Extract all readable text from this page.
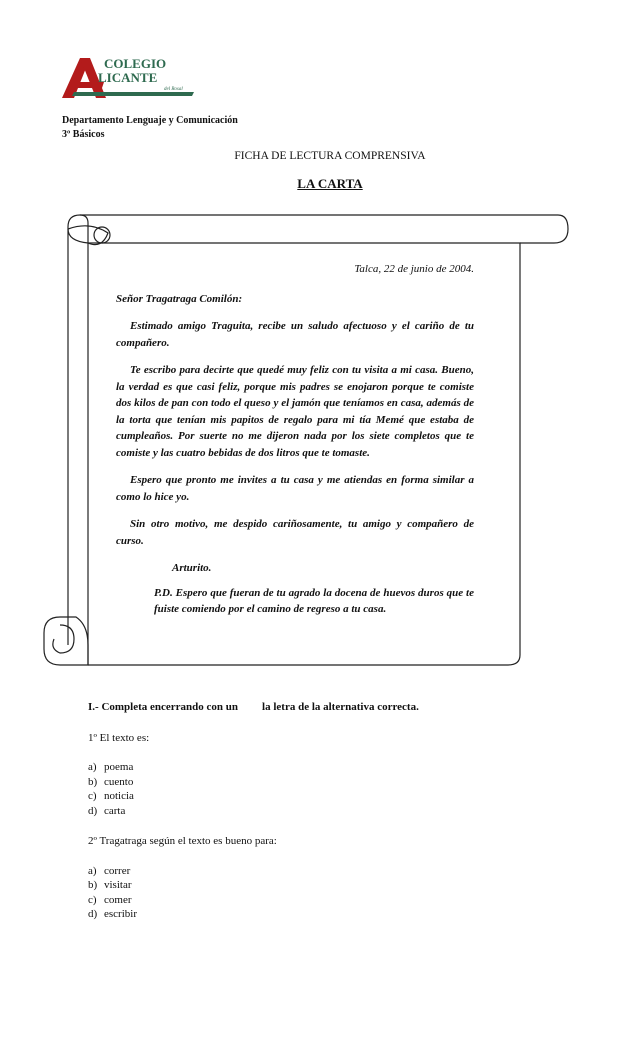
COLEGIO
LICANTE
del Rosal
Departamento Lenguaje y Comunicación
3º Básicos
FICHA DE LECTURA COMPRENSIVA
LA CARTA
Talca, 22 de junio de 2004.
Señor Tragatraga Comilón:

Estimado amigo Traguita, recibe un saludo afectuoso y el cariño de tu compañero.

Te escribo para decirte que quedé muy feliz con tu visita a mi casa. Bueno, la verdad es que casi feliz, porque mis padres se enojaron porque te comiste dos kilos de pan con todo el queso y el jamón que teníamos en casa, además de la torta que tenían mis papitos de regalo para mi tía Memé que estaba de cumpleaños. Por suerte no me dijeron nada por los siete completos que te comiste y las cuatro bebidas de dos litros que te tomaste.

Espero que pronto me invites a tu casa y me atiendas en forma similar a como lo hice yo.

Sin otro motivo, me despido cariñosamente, tu amigo y compañero de curso.

Arturito.
P.D. Espero que fueran de tu agrado la docena de huevos duros que te fuiste comiendo por el camino de regreso a tu casa.
I.- Completa encerrando con un la letra de la alternativa correcta.
1º El texto es:
a) poema
b) cuento
c) noticia
d) carta
2º Tragatraga según el texto es bueno para:
a) correr
b) visitar
c) comer
d) escribir
